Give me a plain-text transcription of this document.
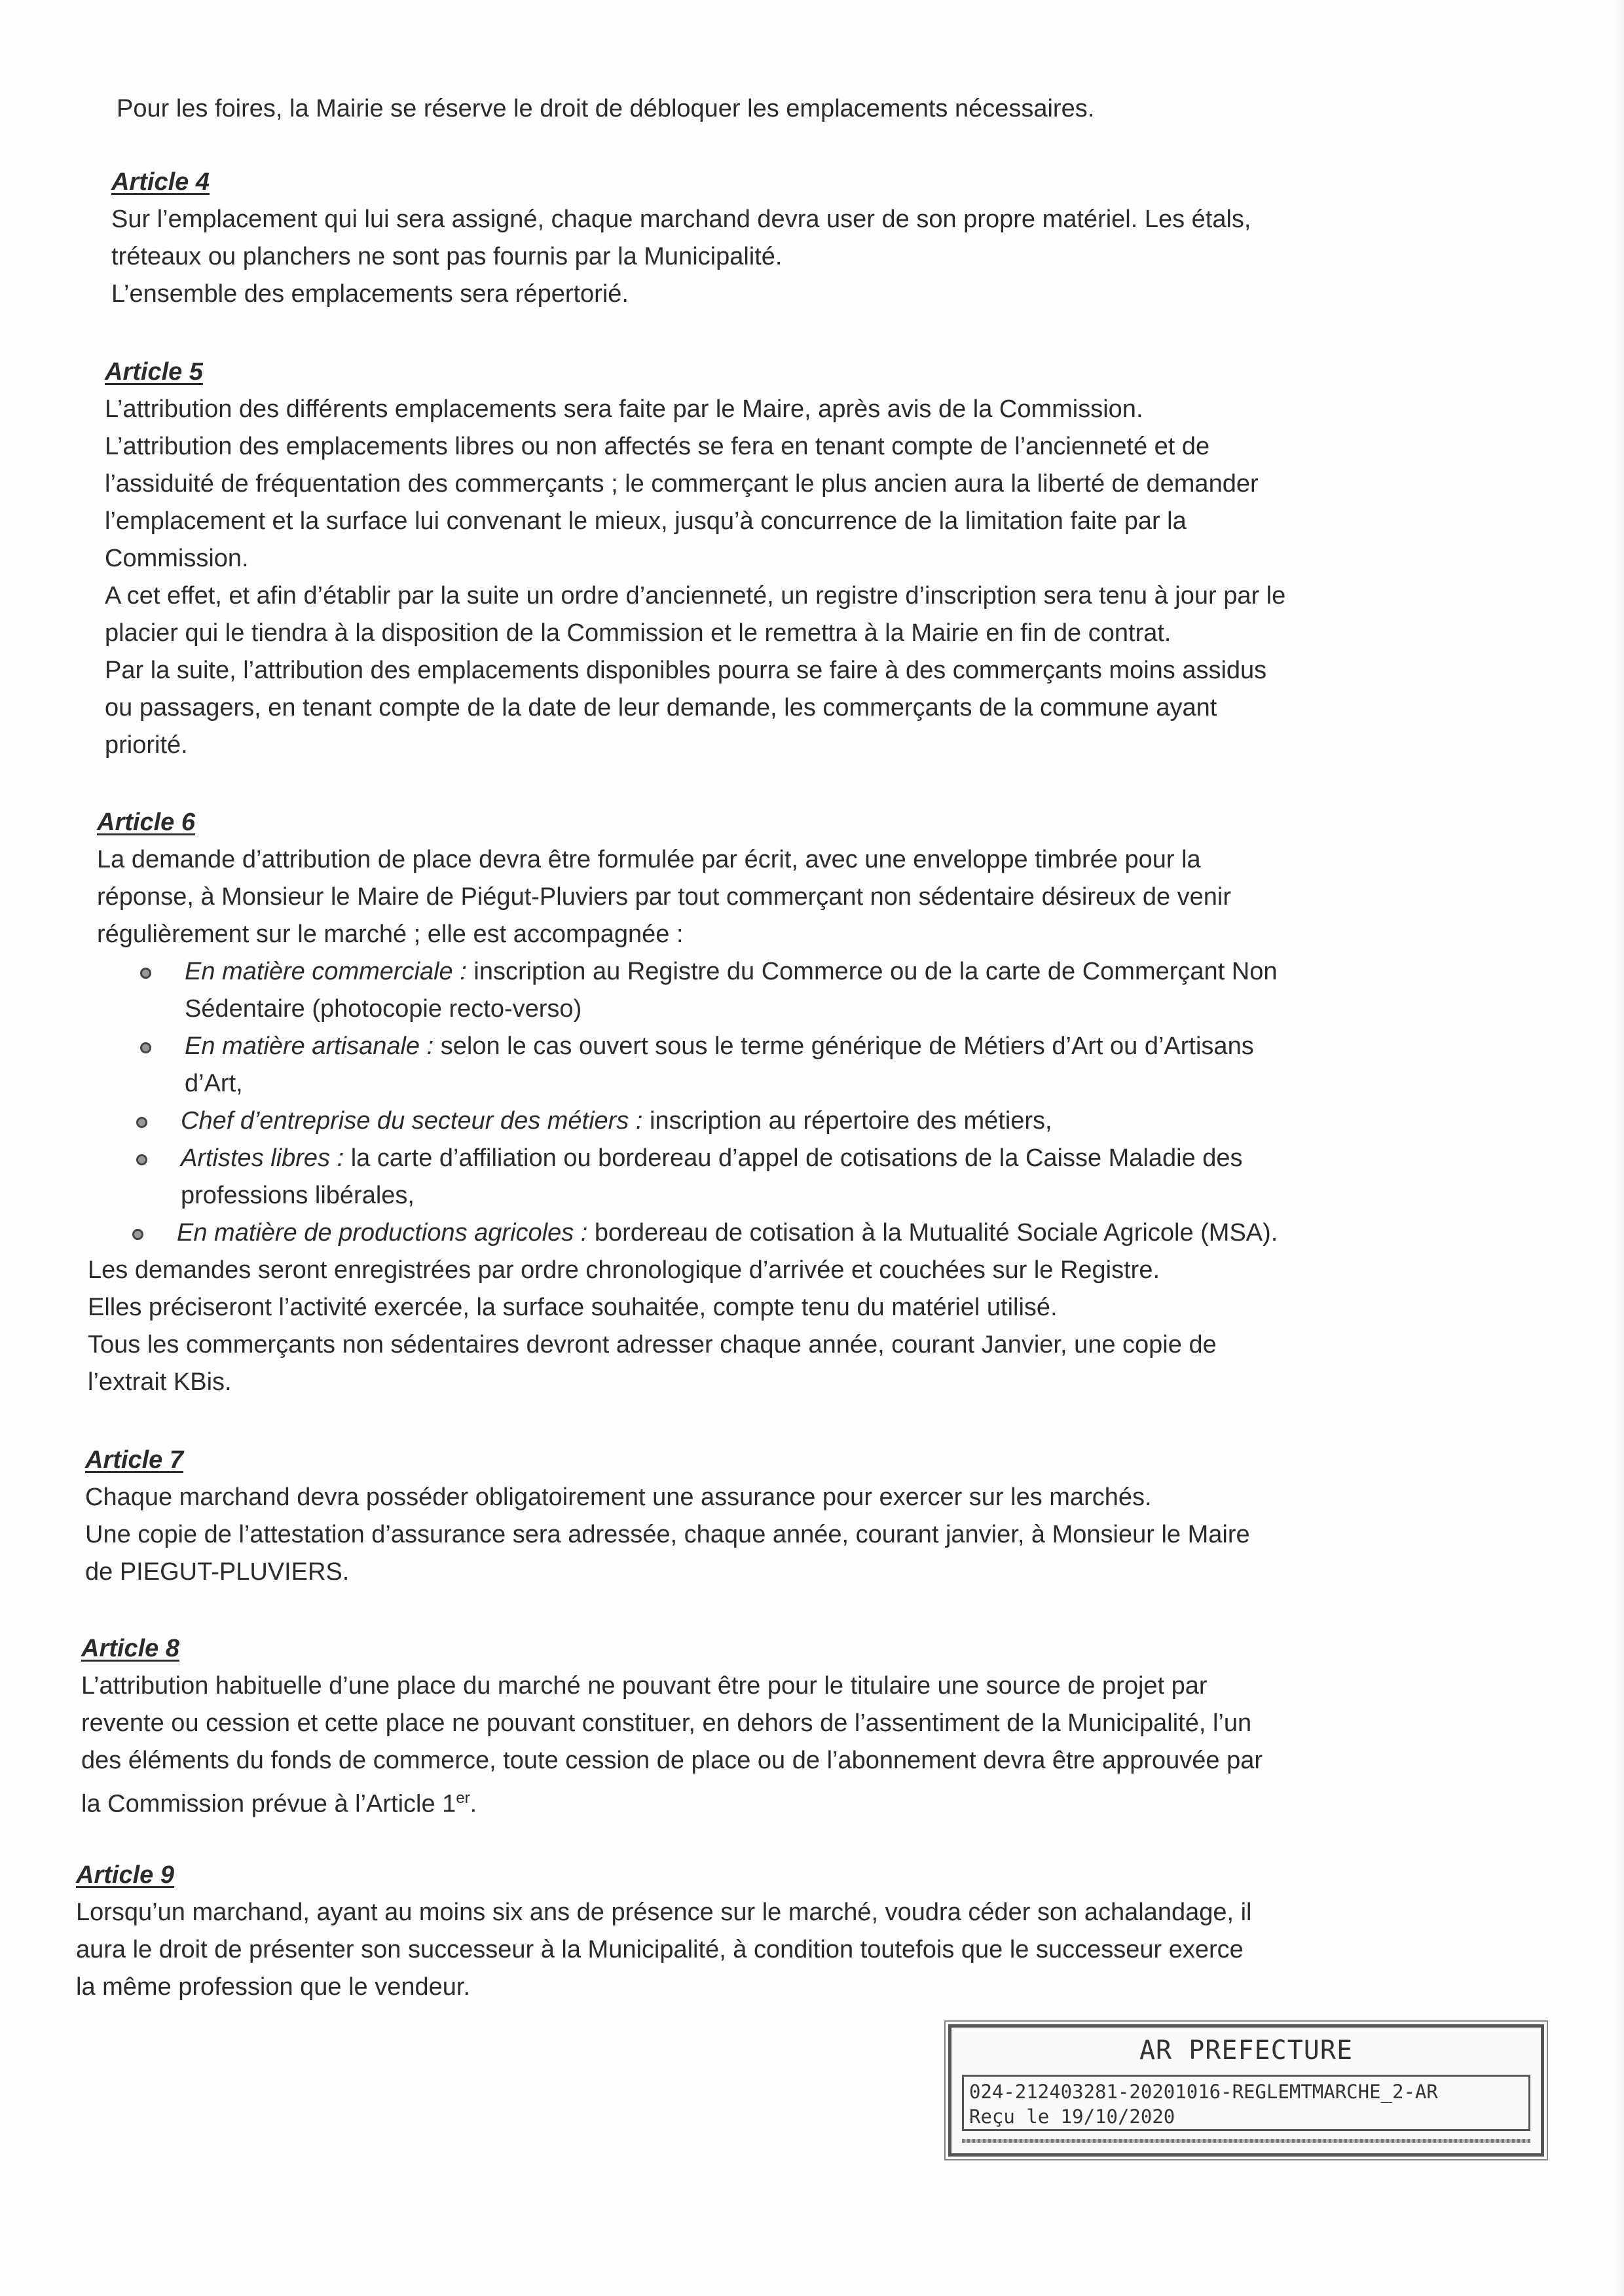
Pour les foires, la Mairie se réserve le droit de débloquer les emplacements nécessaires.

Article 4

Sur l’emplacement qui lui sera assigné, chaque marchand devra user de son propre matériel. Les étals,

tréteaux ou planchers ne sont pas fournis par la Municipalité.

L’ensemble des emplacements sera répertorié.

Article 5

L’attribution des différents emplacements sera faite par le Maire, après avis de la Commission.

L’attribution des emplacements libres ou non affectés se fera en tenant compte de l’ancienneté et de

l’assiduité de fréquentation des commerçants ; le commerçant le plus ancien aura la liberté de demander

l’emplacement et la surface lui convenant le mieux, jusqu’à concurrence de la limitation faite par la

Commission.

A cet effet, et afin d’établir par la suite un ordre d’ancienneté, un registre d’inscription sera tenu à jour par le

placier qui le tiendra à la disposition de la Commission et le remettra à la Mairie en fin de contrat.

Par la suite, l’attribution des emplacements disponibles pourra se faire à des commerçants moins assidus

ou passagers, en tenant compte de la date de leur demande, les commerçants de la commune ayant

priorité.

Article 6

La demande d’attribution de place devra être formulée par écrit, avec une enveloppe timbrée pour la

réponse, à Monsieur le Maire de Piégut-Pluviers par tout commerçant non sédentaire désireux de venir

régulièrement sur le marché ; elle est accompagnée :

En matière commerciale : inscription au Registre du Commerce ou de la carte de Commerçant Non
Sédentaire (photocopie recto-verso)
En matière artisanale : selon le cas ouvert sous le terme générique de Métiers d’Art ou d’Artisans
d’Art,
Chef d’entreprise du secteur des métiers : inscription au répertoire des métiers,
Artistes libres : la carte d’affiliation ou bordereau d’appel de cotisations de la Caisse Maladie des
professions libérales,
En matière de productions agricoles : bordereau de cotisation à la Mutualité Sociale Agricole (MSA).

Les demandes seront enregistrées par ordre chronologique d’arrivée et couchées sur le Registre.

Elles préciseront l’activité exercée, la surface souhaitée, compte tenu du matériel utilisé.

Tous les commerçants non sédentaires devront adresser chaque année, courant Janvier, une copie de

l’extrait KBis.

Article 7

Chaque marchand devra posséder obligatoirement une assurance pour exercer sur les marchés.

Une copie de l’attestation d’assurance sera adressée, chaque année, courant janvier, à Monsieur le Maire

de PIEGUT-PLUVIERS.

Article 8

L’attribution habituelle d’une place du marché ne pouvant être pour le titulaire une source de projet par

revente ou cession et cette place ne pouvant constituer, en dehors de l’assentiment de la Municipalité, l’un

des éléments du fonds de commerce, toute cession de place ou de l’abonnement devra être approuvée par

la Commission prévue à l’Article 1er.

Article 9

Lorsqu’un marchand, ayant au moins six ans de présence sur le marché, voudra céder son achalandage, il

aura le droit de présenter son successeur à la Municipalité, à condition toutefois que le successeur exerce

la même profession que le vendeur.

AR PREFECTURE
024-212403281-20201016-REGLEMTMARCHE_2-AR
Reçu le 19/10/2020
